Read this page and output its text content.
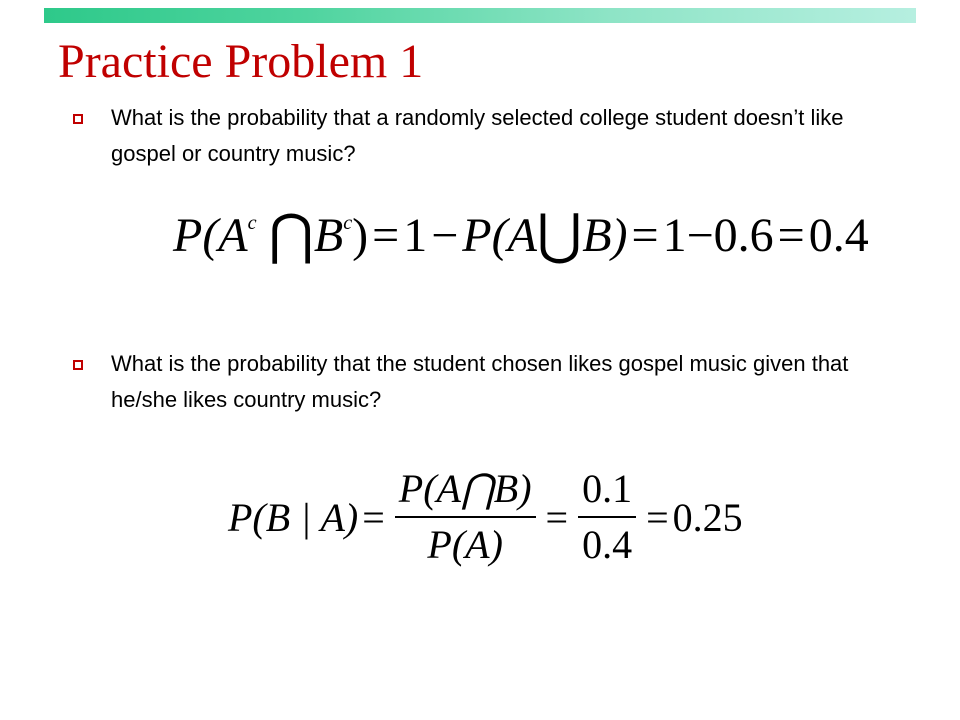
Practice Problem 1
What is the probability that a randomly selected college student doesn’t like gospel or country music?
$P(A^c$ $⋂B^c)=1-P(A⋃B)=1-0.6=0.4$
What is the probability that the student chosen likes gospel music given that he/she likes country music?
P(B | $A) = \frac{P(A⋂B)}{P(A)} = \frac{0.1}{0.4} = 0.25$
